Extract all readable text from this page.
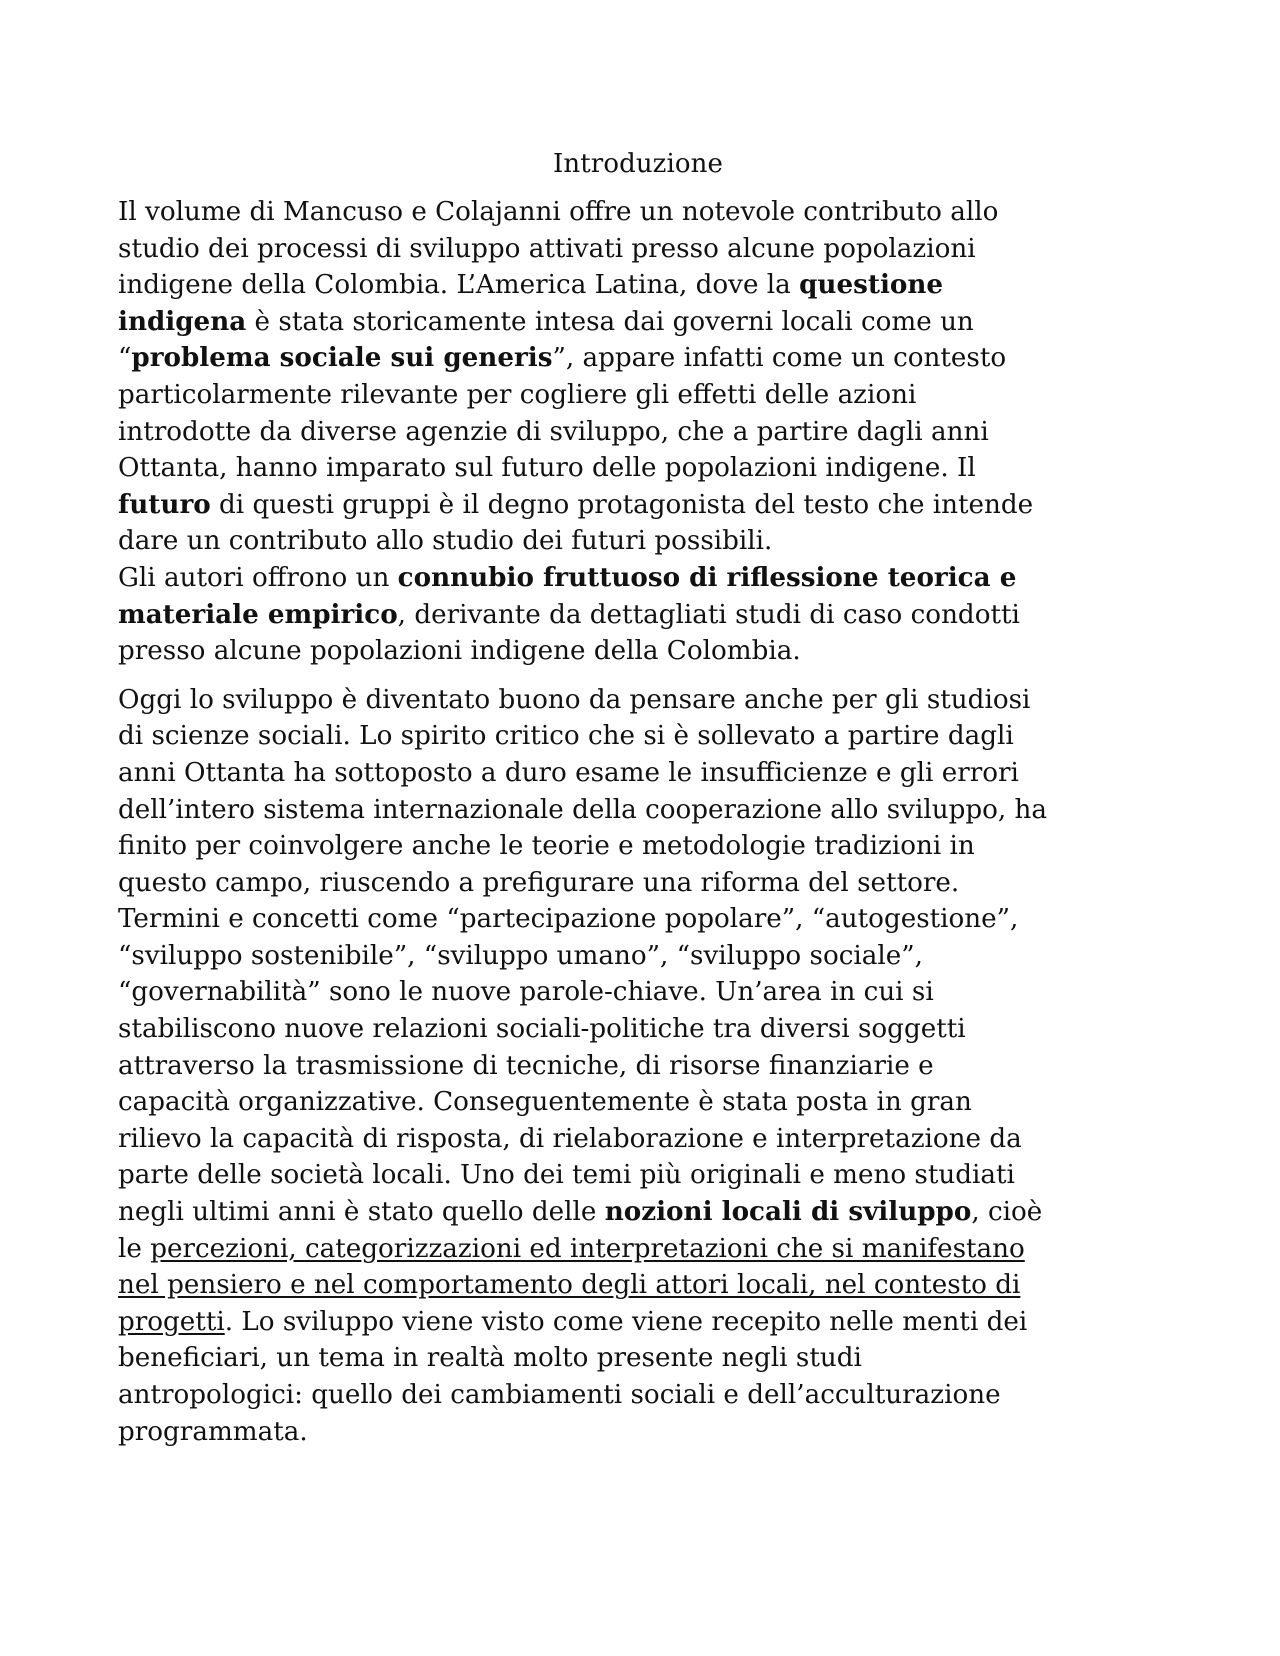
Introduzione

Il volume di Mancuso e Colajanni offre un notevole contributo allo
studio dei processi di sviluppo attivati presso alcune popolazioni
indigene della Colombia. L’America Latina, dove la questione
indigena è stata storicamente intesa dai governi locali come un
“problema sociale sui generis”, appare infatti come un contesto
particolarmente rilevante per cogliere gli effetti delle azioni
introdotte da diverse agenzie di sviluppo, che a partire dagli anni
Ottanta, hanno imparato sul futuro delle popolazioni indigene. Il
futuro di questi gruppi è il degno protagonista del testo che intende
dare un contributo allo studio dei futuri possibili.
Gli autori offrono un connubio fruttuoso di riflessione teorica e
materiale empirico, derivante da dettagliati studi di caso condotti
presso alcune popolazioni indigene della Colombia.

Oggi lo sviluppo è diventato buono da pensare anche per gli studiosi
di scienze sociali. Lo spirito critico che si è sollevato a partire dagli
anni Ottanta ha sottoposto a duro esame le insufficienze e gli errori
dell’intero sistema internazionale della cooperazione allo sviluppo, ha
finito per coinvolgere anche le teorie e metodologie tradizioni in
questo campo, riuscendo a prefigurare una riforma del settore.
Termini e concetti come “partecipazione popolare”, “autogestione”,
“sviluppo sostenibile”, “sviluppo umano”, “sviluppo sociale”,
“governabilità” sono le nuove parole-chiave. Un’area in cui si
stabiliscono nuove relazioni sociali-politiche tra diversi soggetti
attraverso la trasmissione di tecniche, di risorse finanziarie e
capacità organizzative. Conseguentemente è stata posta in gran
rilievo la capacità di risposta, di rielaborazione e interpretazione da
parte delle società locali. Uno dei temi più originali e meno studiati
negli ultimi anni è stato quello delle nozioni locali di sviluppo, cioè
le percezioni, categorizzazioni ed interpretazioni che si manifestano
nel pensiero e nel comportamento degli attori locali, nel contesto di
progetti. Lo sviluppo viene visto come viene recepito nelle menti dei
beneficiari, un tema in realtà molto presente negli studi
antropologici: quello dei cambiamenti sociali e dell’acculturazione
programmata.
